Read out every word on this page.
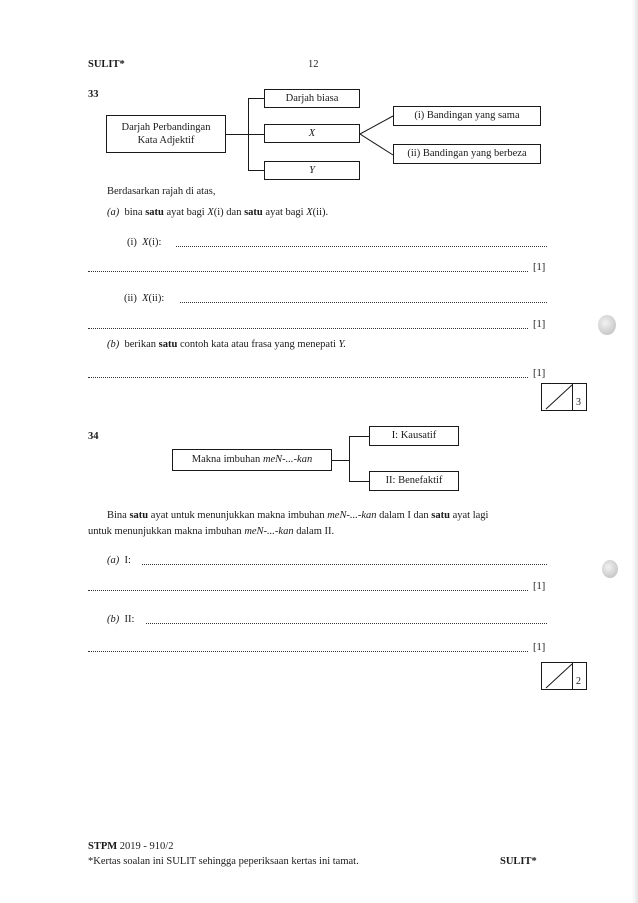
SULIT*	12
33
Darjah Perbandingan Kata Adjektif
Darjah biasa
X
Y
(i) Bandingan yang sama
(ii) Bandingan yang berbeza
Berdasarkan rajah di atas,
(a) bina satu ayat bagi X(i) dan satu ayat bagi X(ii).
(i) X(i):
[1]
(ii) X(ii):
[1]
(b) berikan satu contoh kata atau frasa yang menepati Y.
[1]
3
34
Makna imbuhan
meN-...-kan
I: Kausatif
II: Benefaktif
Bina satu ayat untuk menunjukkan makna imbuhan meN-...-kan dalam I dan satu ayat lagi
untuk menunjukkan makna imbuhan meN-...-kan dalam II.
(a) I:
[1]
(b) II:
[1]
2
STPM 2019 - 910/2
*Kertas soalan ini SULIT sehingga peperiksaan kertas ini tamat.	SULIT*
